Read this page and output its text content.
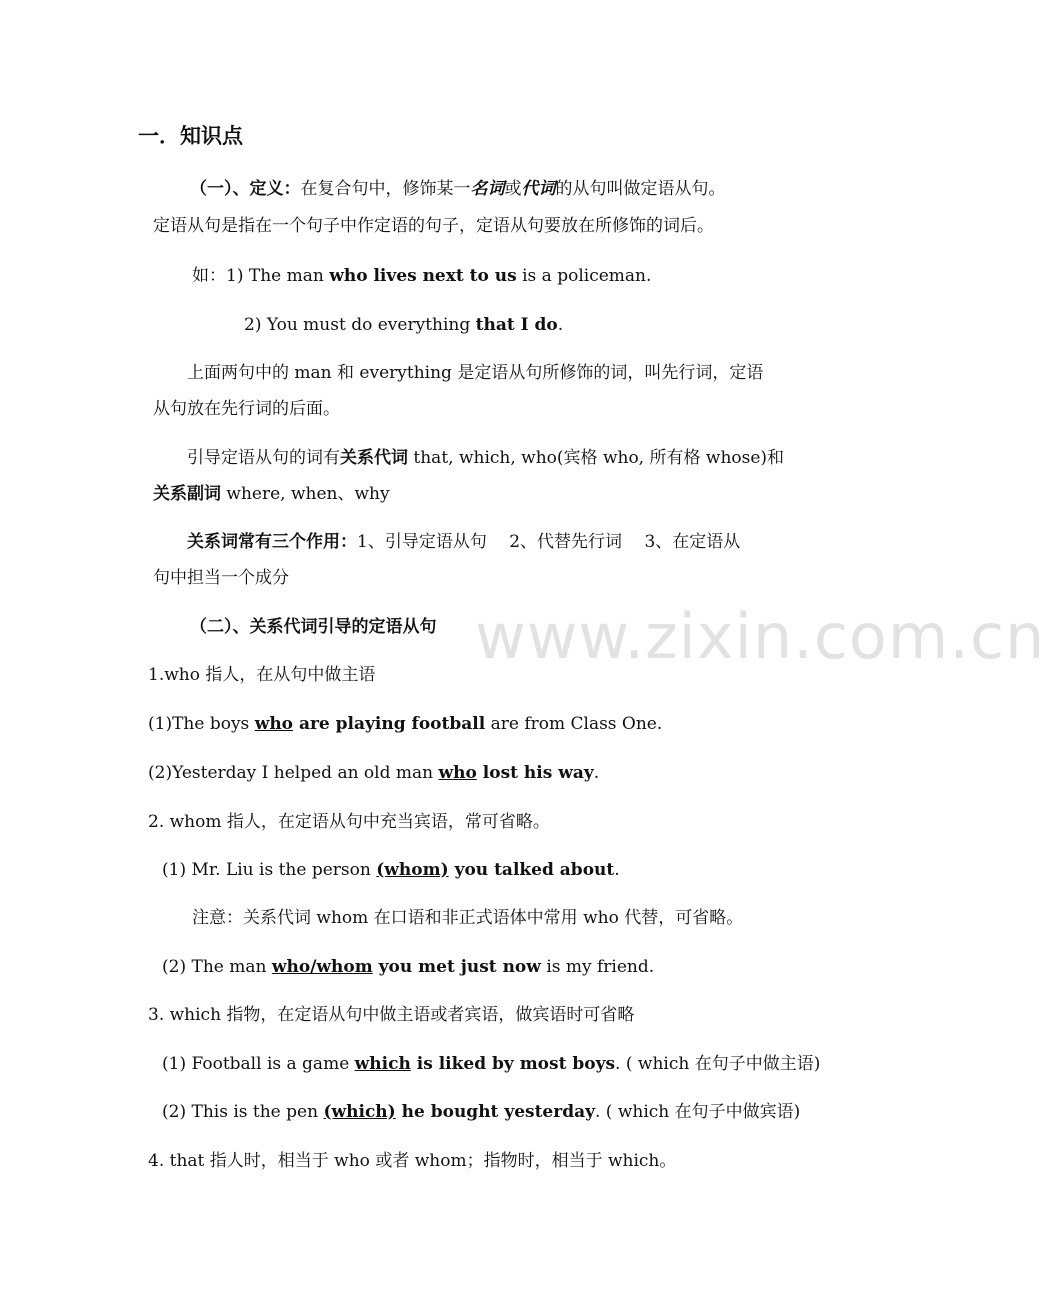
一．知识点
（一）、定义：在复合句中，修饰某一名词或代词的从句叫做定语从句。
定语从句是指在一个句子中作定语的句子，定语从句要放在所修饰的词后。
如：1) The man who lives next to us is a policeman.
2) You must do everything that I do.
上面两句中的 man 和 everything 是定语从句所修饰的词，叫先行词，定语
从句放在先行词的后面。
引导定语从句的词有关系代词 that, which, who(宾格 who, 所有格 whose)和
关系副词 where, when、why
关系词常有三个作用：1、引导定语从句　 2、代替先行词　 3、在定语从
句中担当一个成分
（二）、关系代词引导的定语从句
1.who 指人，在从句中做主语
(1)The boys who are playing football are from Class One.
(2)Yesterday I helped an old man who lost his way.
2. whom 指人，在定语从句中充当宾语，常可省略。
(1) Mr. Liu is the person (whom) you talked about.
注意：关系代词 whom 在口语和非正式语体中常用 who 代替，可省略。
(2) The man who/whom you met just now is my friend.
3. which 指物，在定语从句中做主语或者宾语，做宾语时可省略
(1) Football is a game which is liked by most boys. ( which 在句子中做主语)
(2) This is the pen (which) he bought yesterday. ( which 在句子中做宾语)
4. that 指人时，相当于 who 或者 whom；指物时，相当于 which。
www.zixin.com.cn
